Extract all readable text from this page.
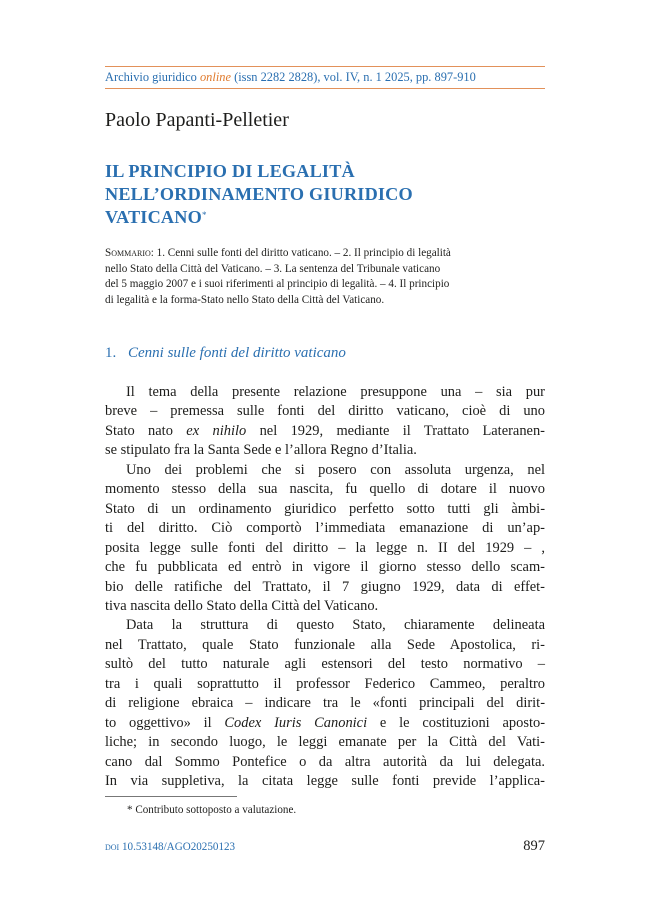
Archivio giuridico online (issn 2282 2828), vol. IV, n. 1 2025, pp. 897-910
Paolo Papanti-Pelletier
IL PRINCIPIO DI LEGALITÀ
NELL’ORDINAMENTO GIURIDICO
VATICANO*
Sommario: 1. Cenni sulle fonti del diritto vaticano. – 2. Il principio di legalità
nello Stato della Città del Vaticano. – 3. La sentenza del Tribunale vaticano
del 5 maggio 2007 e i suoi riferimenti al principio di legalità. – 4. Il principio
di legalità e la forma-Stato nello Stato della Città del Vaticano.
1. Cenni sulle fonti del diritto vaticano
Il tema della presente relazione presuppone una – sia pur
breve – premessa sulle fonti del diritto vaticano, cioè di uno
Stato nato ex nihilo nel 1929, mediante il Trattato Lateranen-
se stipulato fra la Santa Sede e l’allora Regno d’Italia.
Uno dei problemi che si posero con assoluta urgenza, nel
momento stesso della sua nascita, fu quello di dotare il nuovo
Stato di un ordinamento giuridico perfetto sotto tutti gli àmbi-
ti del diritto. Ciò comportò l’immediata emanazione di un’ap-
posita legge sulle fonti del diritto – la legge n. II del 1929 – ,
che fu pubblicata ed entrò in vigore il giorno stesso dello scam-
bio delle ratifiche del Trattato, il 7 giugno 1929, data di effet-
tiva nascita dello Stato della Città del Vaticano.
Data la struttura di questo Stato, chiaramente delineata
nel Trattato, quale Stato funzionale alla Sede Apostolica, ri-
sultò del tutto naturale agli estensori del testo normativo –
tra i quali soprattutto il professor Federico Cammeo, peraltro
di religione ebraica – indicare tra le «fonti principali del dirit-
to oggettivo» il Codex Iuris Canonici e le costituzioni aposto-
liche; in secondo luogo, le leggi emanate per la Città del Vati-
cano dal Sommo Pontefice o da altra autorità da lui delegata.
In via suppletiva, la citata legge sulle fonti previde l’applica-
* Contributo sottoposto a valutazione.
doi 10.53148/AGO20250123	897
